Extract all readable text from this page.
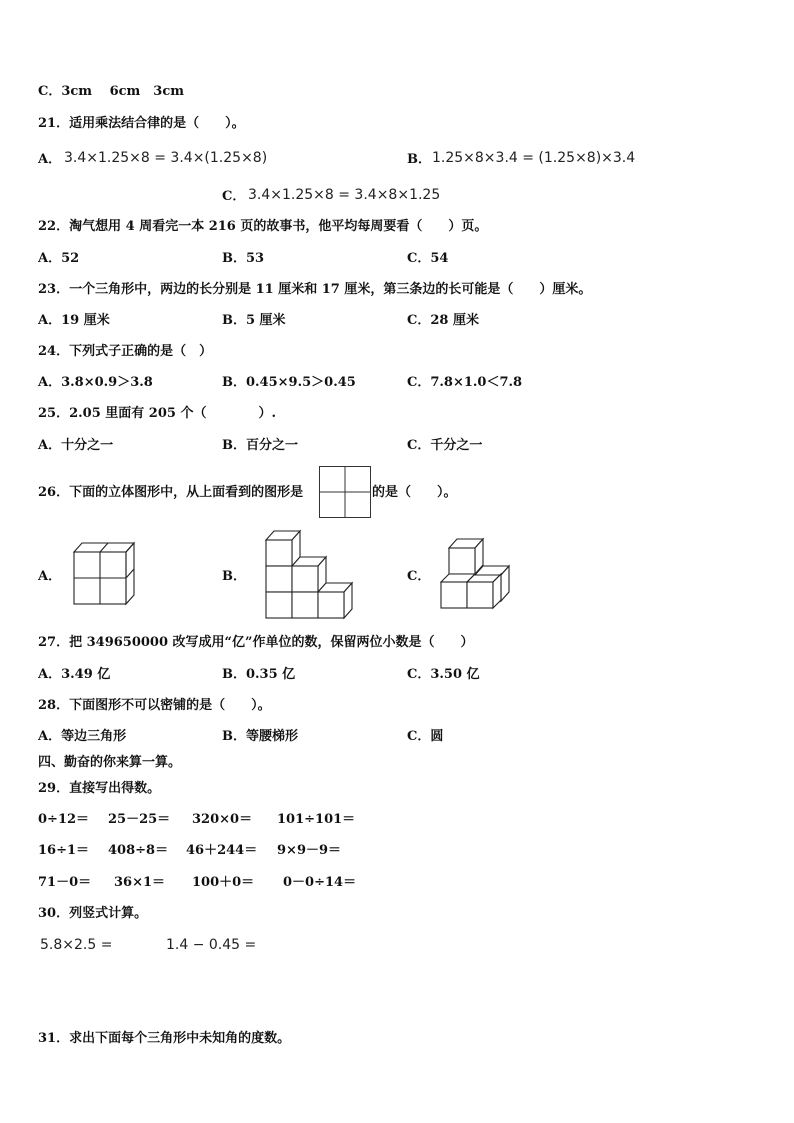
C．3cm　 6cm　3cm
21．适用乘法结合律的是（　　）。
A． 3.4×1.25×8 = 3.4×(1.25×8)	B． 1.25×8×3.4 = (1.25×8)×3.4
C． 3.4×1.25×8 = 3.4×8×1.25
22．淘气想用 4 周看完一本 216 页的故事书，他平均每周要看（　　）页。
A．52	B．53	C．54
23．一个三角形中，两边的长分别是 11 厘米和 17 厘米，第三条边的长可能是（　　）厘米。
A．19 厘米	B．5 厘米	C．28 厘米
24．下列式子正确的是（　）
A．3.8×0.9＞3.8	B．0.45×9.5＞0.45	C．7.8×1.0＜7.8
25．2.05 里面有 205 个（　　　　）.
A．十分之一	B．百分之一	C．千分之一
26．下面的立体图形中，从上面看到的图形是	的是（　　）。
A．	B．	C．
27．把 349650000 改写成用“亿”作单位的数，保留两位小数是（　　）
A．3.49 亿	B．0.35 亿	C．3.50 亿
28．下面图形不可以密铺的是（　　）。
A．等边三角形	B．等腰梯形	C．圆
四、勤奋的你来算一算。
29．直接写出得数。
0÷12＝ 25－25＝ 320×0＝ 101÷101＝
16÷1＝ 408÷8＝ 46＋244＝ 9×9－9＝
71－0＝ 36×1＝ 100＋0＝ 0－0÷14＝
30．列竖式计算。
5.8×2.5 =	1.4 − 0.45 =
31．求出下面每个三角形中未知角的度数。
